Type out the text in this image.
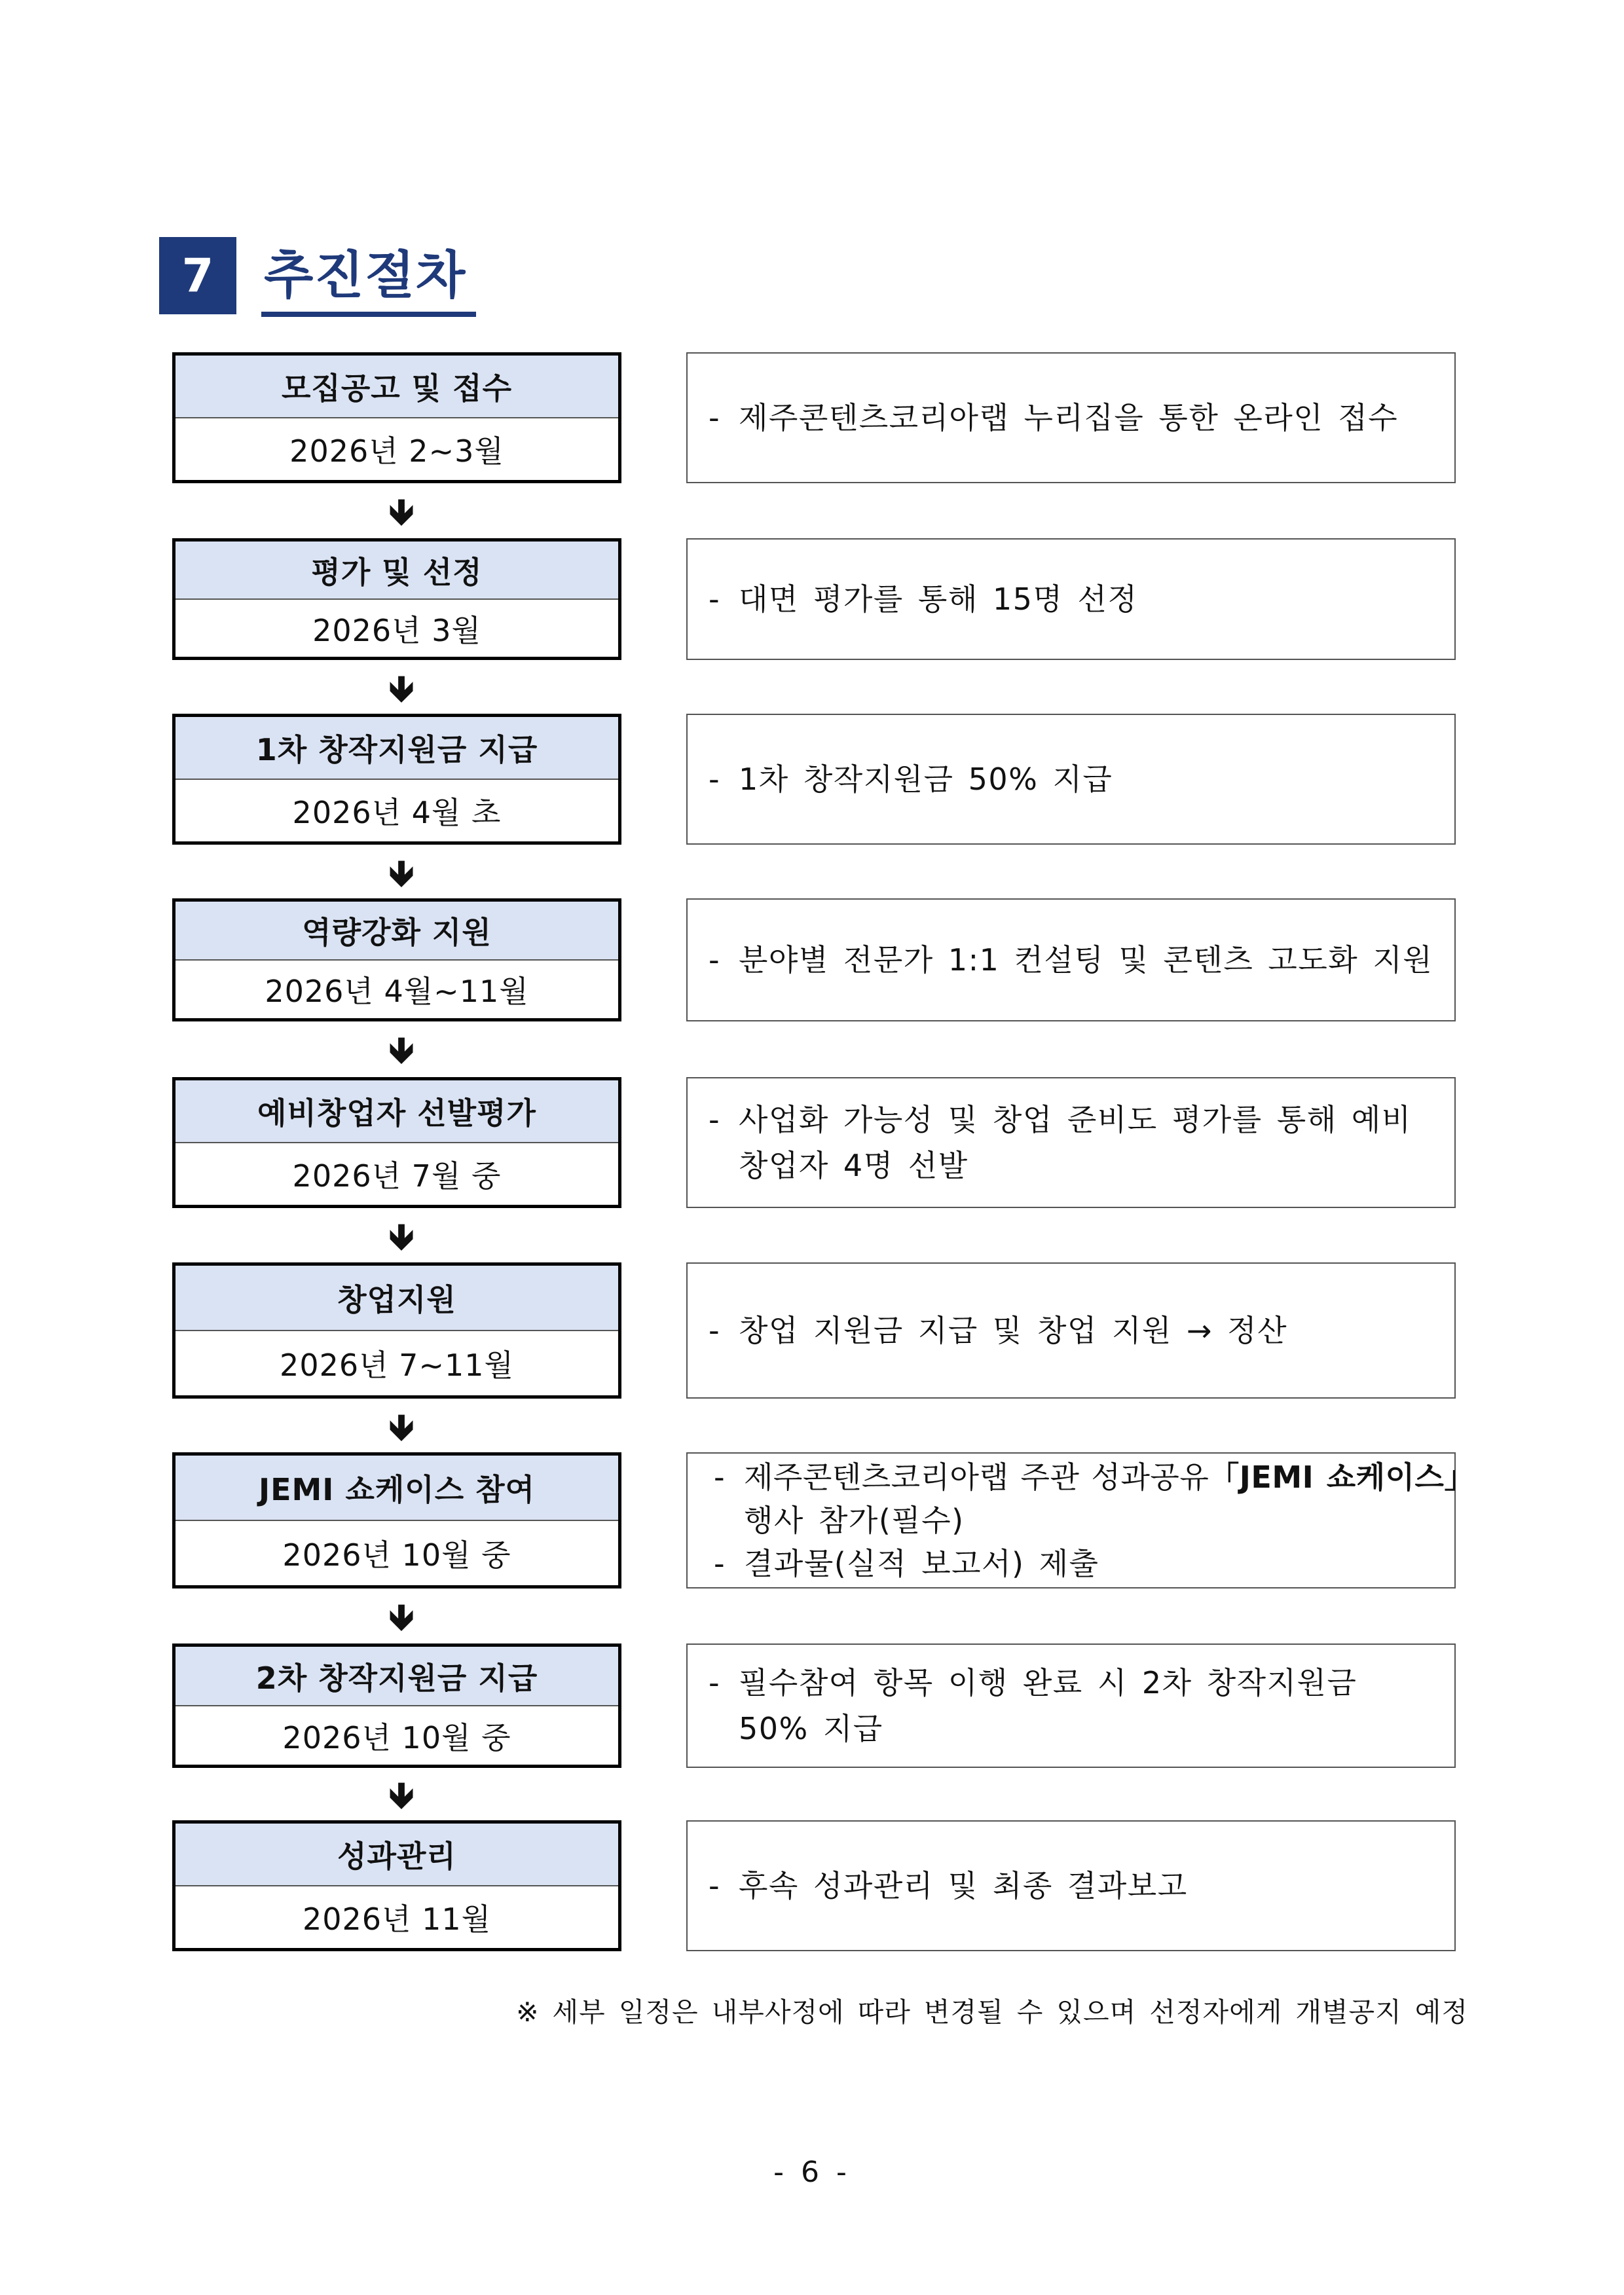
7 추진절차
모집공고 및 접수
2026년 2~3월
- 제주콘텐츠코리아랩 누리집을 통한 온라인 접수
🡻
평가 및 선정
2026년 3월
- 대면 평가를 통해 15명 선정
🡻
1차 창작지원금 지급
2026년 4월 초
- 1차 창작지원금 50% 지급
🡻
역량강화 지원
2026년 4월~11월
- 분야별 전문가 1:1 컨설팅 및 콘텐츠 고도화 지원
🡻
예비창업자 선발평가
2026년 7월 중
- 사업화 가능성 및 창업 준비도 평가를 통해 예비 창업자 4명 선발
🡻
창업지원
2026년 7~11월
- 창업 지원금 지급 및 창업 지원 → 정산
🡻
JEMI 쇼케이스 참여
2026년 10월 중
- 제주콘텐츠코리아랩 주관 성과공유「JEMI 쇼케이스」
행사 참가(필수)
- 결과물(실적 보고서) 제출
🡻
2차 창작지원금 지급
2026년 10월 중
- 필수참여 항목 이행 완료 시 2차 창작지원금 50% 지급
🡻
성과관리
2026년 11월
- 후속 성과관리 및 최종 결과보고
※ 세부 일정은 내부사정에 따라 변경될 수 있으며 선정자에게 개별공지 예정
- 6 -
